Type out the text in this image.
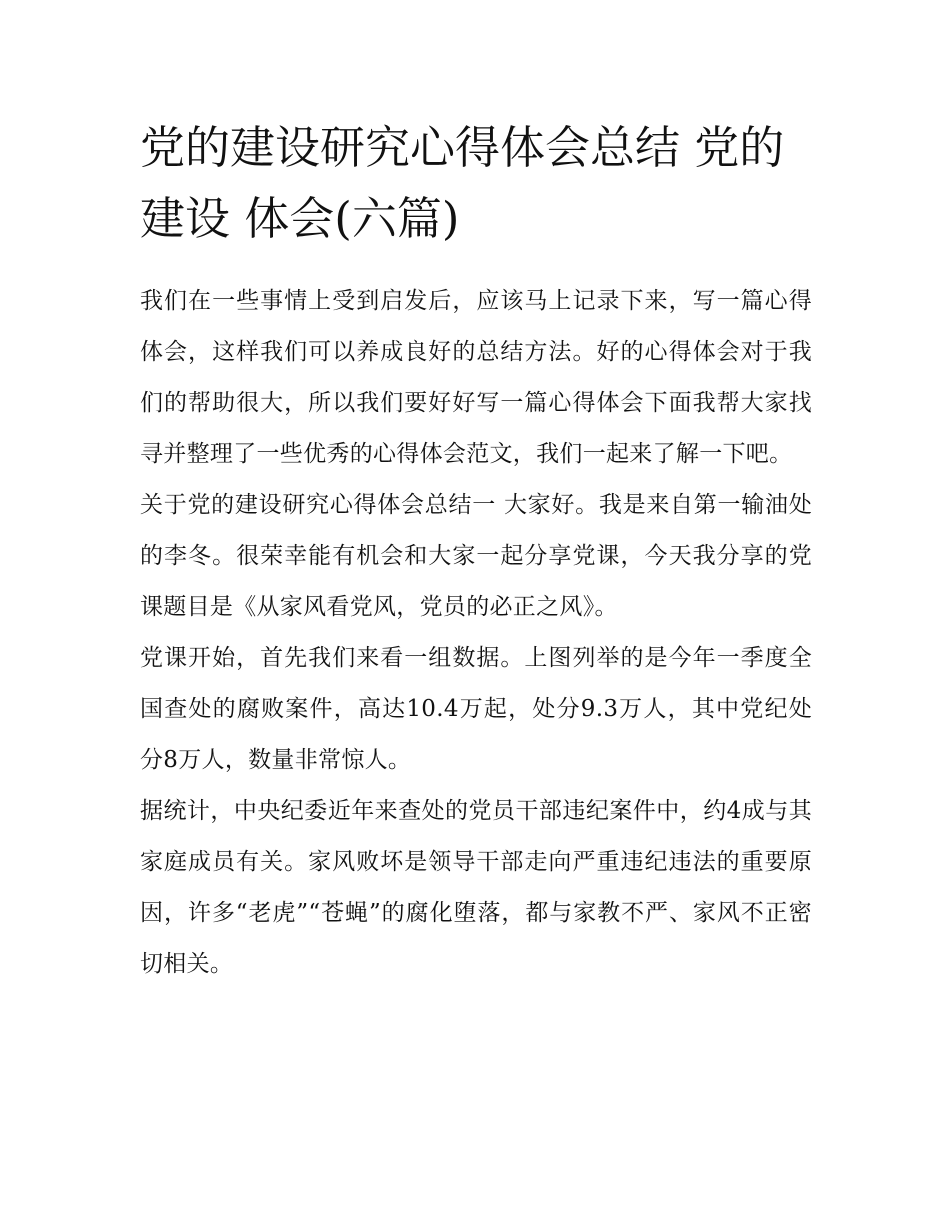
党的建设研究心得体会总结 党的建设 体会(六篇)

我们在一些事情上受到启发后，应该马上记录下来，写一篇心得体会，这样我们可以养成良好的总结方法。好的心得体会对于我们的帮助很大，所以我们要好好写一篇心得体会下面我帮大家找寻并整理了一些优秀的心得体会范文，我们一起来了解一下吧。

关于党的建设研究心得体会总结一 大家好。我是来自第一输油处的李冬。很荣幸能有机会和大家一起分享党课，今天我分享的党课题目是《从家风看党风，党员的必正之风》。

党课开始，首先我们来看一组数据。上图列举的是今年一季度全国查处的腐败案件，高达10.4万起，处分9.3万人，其中党纪处分8万人，数量非常惊人。

据统计，中央纪委近年来查处的党员干部违纪案件中，约4成与其家庭成员有关。家风败坏是领导干部走向严重违纪违法的重要原因，许多“老虎”“苍蝇”的腐化堕落，都与家教不严、家风不正密切相关。
